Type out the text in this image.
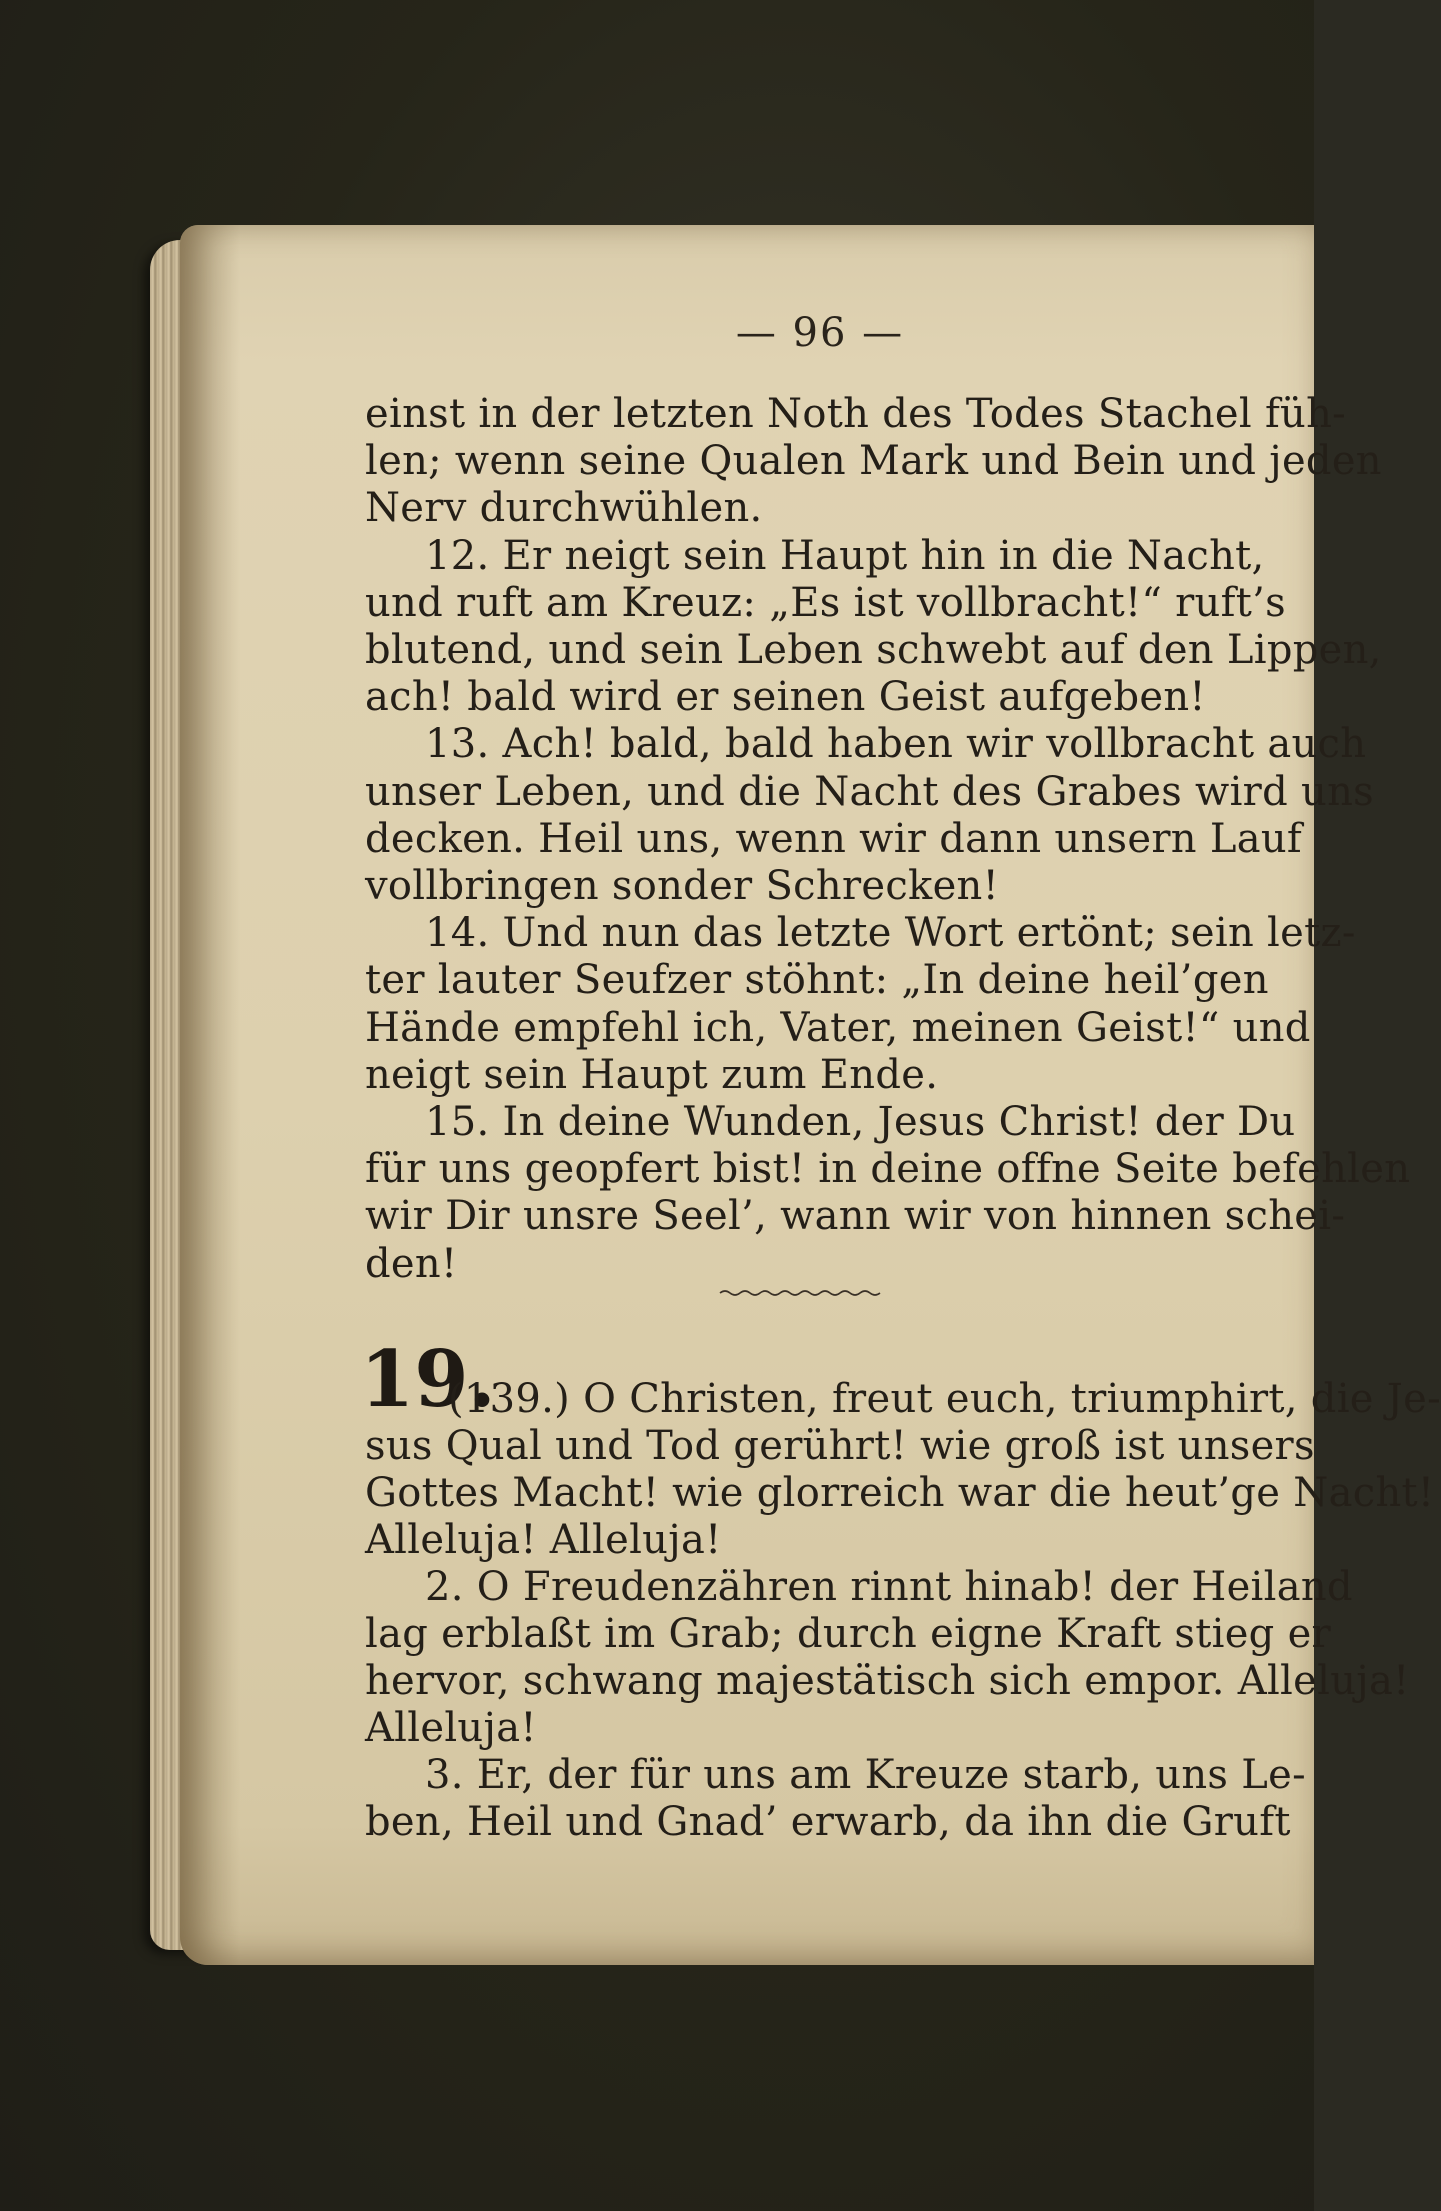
— 96 —
einst in der letzten Noth des Todes Stachel füh-
len; wenn seine Qualen Mark und Bein und jeden
Nerv durchwühlen.
12. Er neigt sein Haupt hin in die Nacht,
und ruft am Kreuz: „Es ist vollbracht!“ ruft’s
blutend, und sein Leben schwebt auf den Lippen,
ach! bald wird er seinen Geist aufgeben!
13. Ach! bald, bald haben wir vollbracht auch
unser Leben, und die Nacht des Grabes wird uns
decken. Heil uns, wenn wir dann unsern Lauf
vollbringen sonder Schrecken!
14. Und nun das letzte Wort ertönt; sein letz-
ter lauter Seufzer stöhnt: „In deine heil’gen
Hände empfehl ich, Vater, meinen Geist!“ und
neigt sein Haupt zum Ende.
15. In deine Wunden, Jesus Christ! der Du
für uns geopfert bist! in deine offne Seite befehlen
wir Dir unsre Seel’, wann wir von hinnen schei-
den!
19.
(139.) O Christen, freut euch, triumphirt, die Je-
sus Qual und Tod gerührt! wie groß ist unsers
Gottes Macht! wie glorreich war die heut’ge Nacht!
Alleluja! Alleluja!
2. O Freudenzähren rinnt hinab! der Heiland
lag erblaßt im Grab; durch eigne Kraft stieg er
hervor, schwang majestätisch sich empor. Alleluja!
Alleluja!
3. Er, der für uns am Kreuze starb, uns Le-
ben, Heil und Gnad’ erwarb, da ihn die Gruft
